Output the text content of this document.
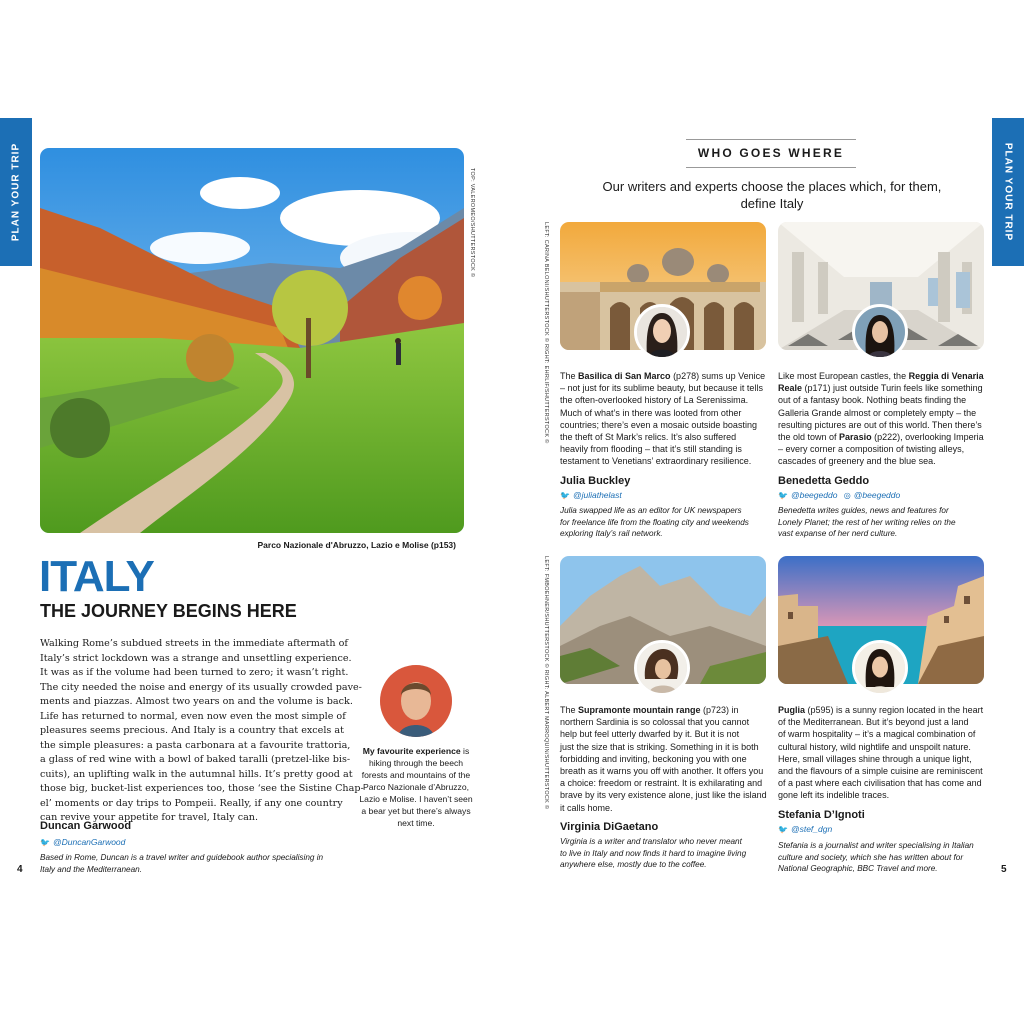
PLAN YOUR TRIP	PLAN YOUR TRIP
TOP: VALEROMEO/SHUTTERSTOCK ©
Parco Nazionale d'Abruzzo, Lazio e Molise (p153)
ITALY
THE JOURNEY BEGINS HERE
Walking Rome’s subdued streets in the immediate aftermath of
Italy’s strict lockdown was a strange and unsettling experience.
It was as if the volume had been turned to zero; it wasn’t right.
The city needed the noise and energy of its usually crowded pave-
ments and piazzas. Almost two years on and the volume is back.
Life has returned to normal, even now even the most simple of
pleasures seems precious. And Italy is a country that excels at
the simple pleasures: a pasta carbonara at a favourite trattoria,
a glass of red wine with a bowl of baked taralli (pretzel-like bis-
cuits), an uplifting walk in the autumnal hills. It’s pretty good at
those big, bucket-list experiences too, those ‘see the Sistine Chap-
el’ moments or day trips to Pompeii. Really, if any one country
can revive your appetite for travel, Italy can.
Duncan Garwood
🐦 @DuncanGarwood
Based in Rome, Duncan is a travel writer and guidebook author specialising in
Italy and the Mediterranean.
My favourite experience is hiking through the beech forests and mountains of the Parco Nazionale d’Abruzzo, Lazio e Molise. I haven’t seen a bear yet but there’s always next time.
4	5
WHO GOES WHERE
Our writers and experts choose the places which, for them,
define Italy
LEFT: CARINA BELONI/SHUTTERSTOCK © RIGHT: EHRLIF/SHUTTERSTOCK ©
LEFT: FMBOEHNER/SHUTTERSTOCK © RIGHT: ALBERT MARROQUIN/SHUTTERSTOCK ©
The Basilica di San Marco (p278) sums up Venice
– not just for its sublime beauty, but because it tells
the often-overlooked history of La Serenissima.
Much of what’s in there was looted from other
countries; there’s even a mosaic outside boasting
the theft of St Mark’s relics. It’s also suffered
heavily from flooding – that it’s still standing is
testament to Venetians’ extraordinary resilience.
Julia Buckley
🐦 @juliathelast
Julia swapped life as an editor for UK newspapers
for freelance life from the floating city and weekends
exploring Italy’s rail network.
Like most European castles, the Reggia di Venaria
Reale (p171) just outside Turin feels like something
out of a fantasy book. Nothing beats finding the
Galleria Grande almost or completely empty – the
resulting pictures are out of this world. Then there’s
the old town of Parasio (p222), overlooking Imperia
– every corner a composition of twisting alleys,
cascades of greenery and the blue sea.
Benedetta Geddo
🐦 @beegeddo ◎ @beegeddo
Benedetta writes guides, news and features for
Lonely Planet; the rest of her writing relies on the
vast expanse of her nerd culture.
The Supramonte mountain range (p723) in
northern Sardinia is so colossal that you cannot
help but feel utterly dwarfed by it. But it is not
just the size that is striking. Something in it is both
forbidding and inviting, beckoning you with one
breath as it warns you off with another. It offers you
a choice: freedom or restraint. It is exhilarating and
brave by its very existence alone, just like the island
it calls home.
Virginia DiGaetano
Virginia is a writer and translator who never meant
to live in Italy and now finds it hard to imagine living
anywhere else, mostly due to the coffee.
Puglia (p595) is a sunny region located in the heart
of the Mediterranean. But it’s beyond just a land
of warm hospitality – it’s a magical combination of
cultural history, wild nightlife and unspoilt nature.
Here, small villages shine through a unique light,
and the flavours of a simple cuisine are reminiscent
of a past where each civilisation that has come and
gone left its indelible traces.
Stefania D’Ignoti
🐦 @stef_dgn
Stefania is a journalist and writer specialising in Italian
culture and society, which she has written about for
National Geographic, BBC Travel and more.
